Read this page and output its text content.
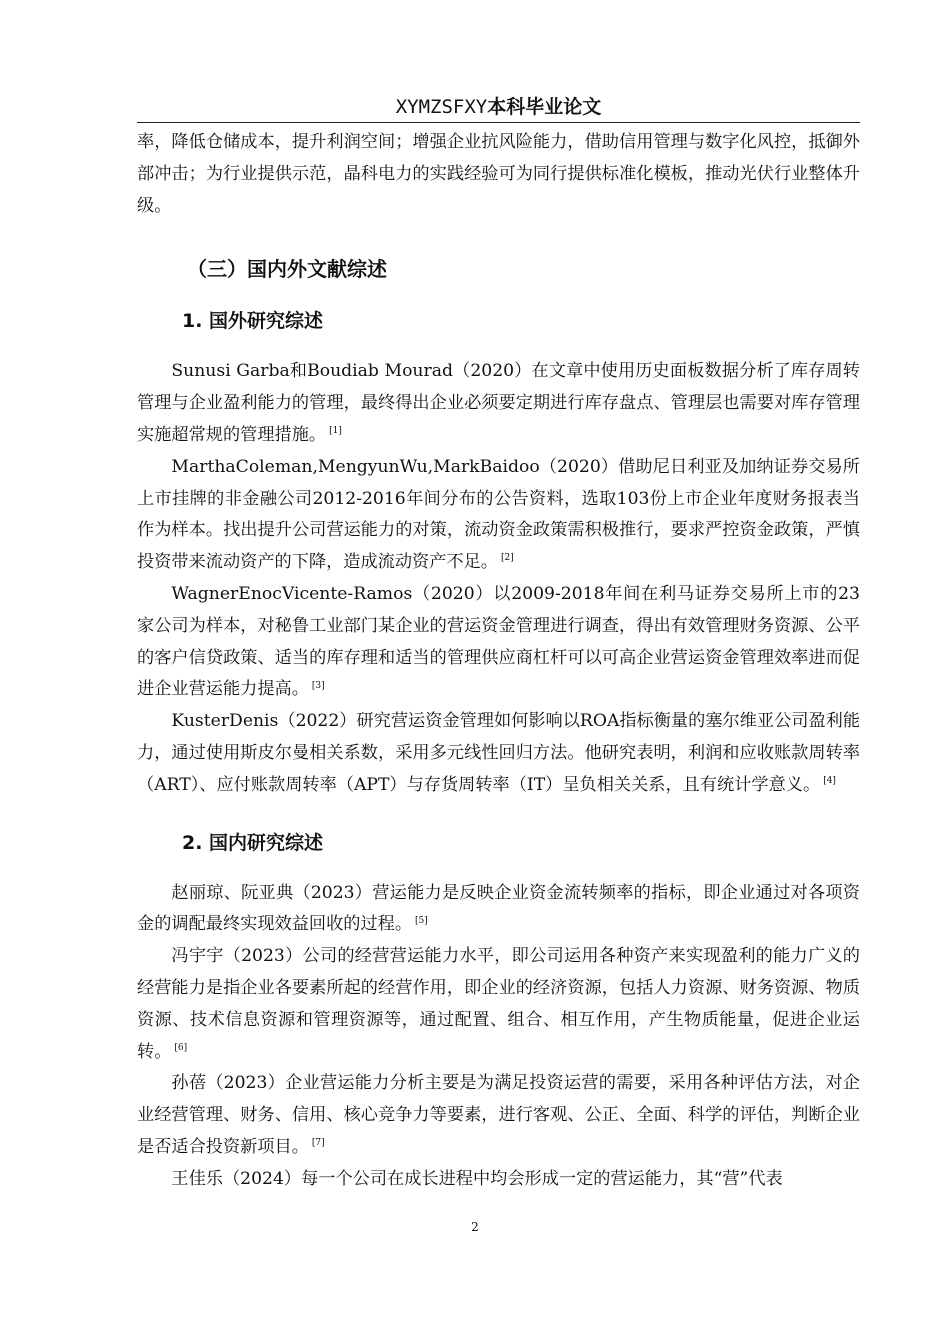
XYMZSFXY本科毕业论文

率，降低仓储成本，提升利润空间；增强企业抗风险能力，借助信用管理与数字化风控，抵御外部冲击；为行业提供示范，晶科电力的实践经验可为同行提供标准化模板，推动光伏行业整体升级。

（三）国内外文献综述
1. 国外研究综述

Sunusi Garba和Boudiab Mourad（2020）在文章中使用历史面板数据分析了库存周转管理与企业盈利能力的管理，最终得出企业必须要定期进行库存盘点、管理层也需要对库存管理实施超常规的管理措施。 [1]

MarthaColeman,MengyunWu,MarkBaidoo（2020）借助尼日利亚及加纳证券交易所上市挂牌的非金融公司2012-2016年间分布的公告资料，选取103份上市企业年度财务报表当作为样本。找出提升公司营运能力的对策，流动资金政策需积极推行，要求严控资金政策，严慎投资带来流动资产的下降，造成流动资产不足。 [2]

WagnerEnocVicente-Ramos（2020）以2009-2018年间在利马证券交易所上市的23家公司为样本，对秘鲁工业部门某企业的营运资金管理进行调查，得出有效管理财务资源、公平的客户信贷政策、适当的库存理和适当的管理供应商杠杆可以可高企业营运资金管理效率进而促进企业营运能力提高。 [3]

KusterDenis（2022）研究营运资金管理如何影响以ROA指标衡量的塞尔维亚公司盈利能力，通过使用斯皮尔曼相关系数，采用多元线性回归方法。他研究表明，利润和应收账款周转率（ART）、应付账款周转率（APT）与存货周转率（IT）呈负相关关系，且有统计学意义。 [4]

2. 国内研究综述

赵丽琼、阮亚典（2023）营运能力是反映企业资金流转频率的指标，即企业通过对各项资金的调配最终实现效益回收的过程。 [5]

冯宇宇（2023）公司的经营营运能力水平，即公司运用各种资产来实现盈利的能力广义的经营能力是指企业各要素所起的经营作用，即企业的经济资源，包括人力资源、财务资源、物质资源、技术信息资源和管理资源等，通过配置、组合、相互作用，产生物质能量，促进企业运转。 [6]

孙蓓（2023）企业营运能力分析主要是为满足投资运营的需要，采用各种评估方法，对企业经营管理、财务、信用、核心竞争力等要素，进行客观、公正、全面、科学的评估，判断企业是否适合投资新项目。 [7]

王佳乐（2024）每一个公司在成长进程中均会形成一定的营运能力，其“营”代表

2
